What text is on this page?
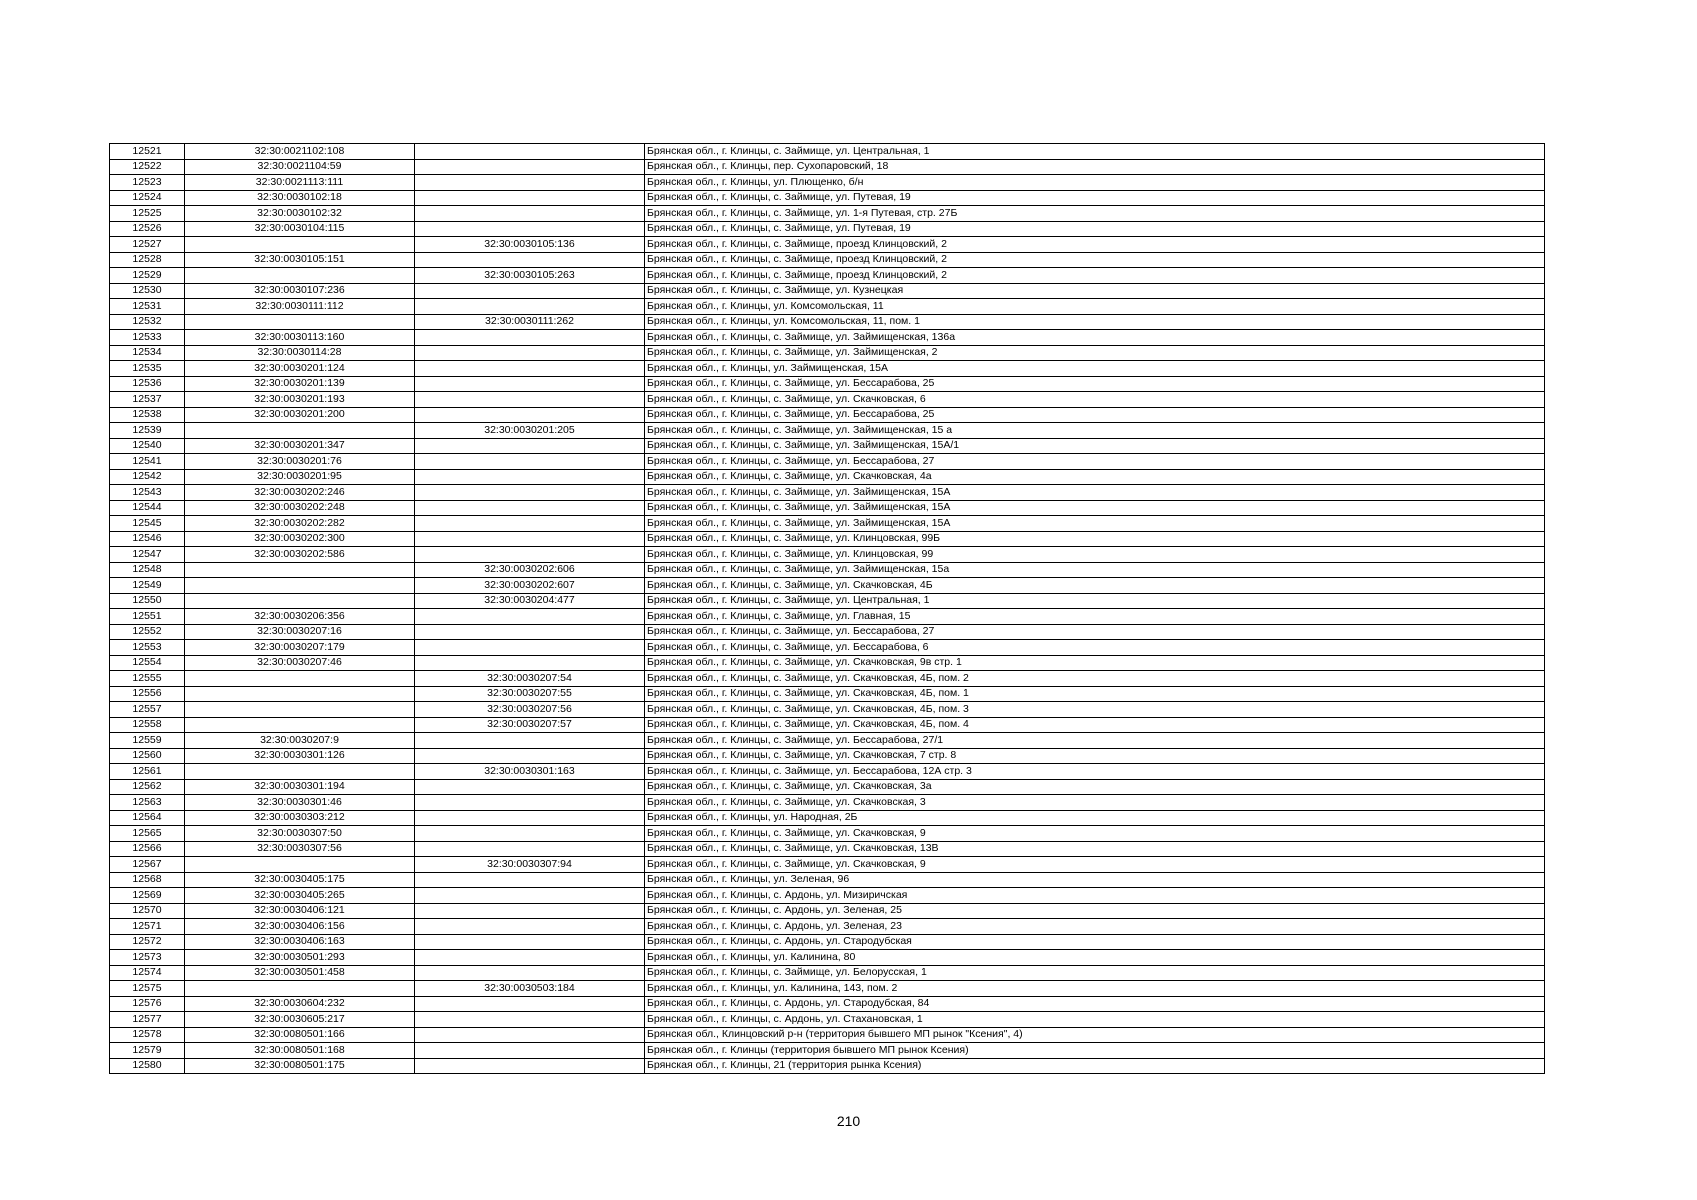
12521	32:30:0021102:108		Брянская обл., г. Клинцы, с. Займище, ул. Центральная, 1
12522	32:30:0021104:59		Брянская обл., г. Клинцы, пер. Сухопаровский, 18
12523	32:30:0021113:111		Брянская обл., г. Клинцы, ул. Плющенко, б/н
12524	32:30:0030102:18		Брянская обл., г. Клинцы, с. Займище, ул. Путевая, 19
12525	32:30:0030102:32		Брянская обл., г. Клинцы, с. Займище, ул. 1-я Путевая, стр. 27Б
12526	32:30:0030104:115		Брянская обл., г. Клинцы, с. Займище, ул. Путевая, 19
12527		32:30:0030105:136	Брянская обл., г. Клинцы, с. Займище, проезд Клинцовский, 2
12528	32:30:0030105:151		Брянская обл., г. Клинцы, с. Займище, проезд Клинцовский, 2
12529		32:30:0030105:263	Брянская обл., г. Клинцы, с. Займище, проезд Клинцовский, 2
12530	32:30:0030107:236		Брянская обл., г. Клинцы, с. Займище, ул. Кузнецкая
12531	32:30:0030111:112		Брянская обл., г. Клинцы, ул. Комсомольская, 11
12532		32:30:0030111:262	Брянская обл., г. Клинцы, ул. Комсомольская, 11, пом. 1
12533	32:30:0030113:160		Брянская обл., г. Клинцы, с. Займище, ул. Займищенская, 136а
12534	32:30:0030114:28		Брянская обл., г. Клинцы, с. Займище, ул. Займищенская, 2
12535	32:30:0030201:124		Брянская обл., г. Клинцы, ул. Займищенская, 15А
12536	32:30:0030201:139		Брянская обл., г. Клинцы, с. Займище, ул. Бессарабова, 25
12537	32:30:0030201:193		Брянская обл., г. Клинцы, с. Займище, ул. Скачковская, 6
12538	32:30:0030201:200		Брянская обл., г. Клинцы, с. Займище, ул. Бессарабова, 25
12539		32:30:0030201:205	Брянская обл., г. Клинцы, с. Займище, ул. Займищенская, 15 а
12540	32:30:0030201:347		Брянская обл., г. Клинцы, с. Займище, ул. Займищенская, 15А/1
12541	32:30:0030201:76		Брянская обл., г. Клинцы, с. Займище, ул. Бессарабова, 27
12542	32:30:0030201:95		Брянская обл., г. Клинцы, с. Займище, ул. Скачковская, 4а
12543	32:30:0030202:246		Брянская обл., г. Клинцы, с. Займище, ул. Займищенская, 15А
12544	32:30:0030202:248		Брянская обл., г. Клинцы, с. Займище, ул. Займищенская, 15А
12545	32:30:0030202:282		Брянская обл., г. Клинцы, с. Займище, ул. Займищенская, 15А
12546	32:30:0030202:300		Брянская обл., г. Клинцы, с. Займище, ул. Клинцовская, 99Б
12547	32:30:0030202:586		Брянская обл., г. Клинцы, с. Займище, ул. Клинцовская, 99
12548		32:30:0030202:606	Брянская обл., г. Клинцы, с. Займище, ул. Займищенская, 15а
12549		32:30:0030202:607	Брянская обл., г. Клинцы, с. Займище, ул. Скачковская, 4Б
12550		32:30:0030204:477	Брянская обл., г. Клинцы, с. Займище, ул. Центральная, 1
12551	32:30:0030206:356		Брянская обл., г. Клинцы, с. Займище, ул. Главная, 15
12552	32:30:0030207:16		Брянская обл., г. Клинцы, с. Займище, ул. Бессарабова, 27
12553	32:30:0030207:179		Брянская обл., г. Клинцы, с. Займище, ул. Бессарабова, 6
12554	32:30:0030207:46		Брянская обл., г. Клинцы, с. Займище, ул. Скачковская, 9в стр. 1
12555		32:30:0030207:54	Брянская обл., г. Клинцы, с. Займище, ул. Скачковская, 4Б, пом. 2
12556		32:30:0030207:55	Брянская обл., г. Клинцы, с. Займище, ул. Скачковская, 4Б, пом. 1
12557		32:30:0030207:56	Брянская обл., г. Клинцы, с. Займище, ул. Скачковская, 4Б, пом. 3
12558		32:30:0030207:57	Брянская обл., г. Клинцы, с. Займище, ул. Скачковская, 4Б, пом. 4
12559	32:30:0030207:9		Брянская обл., г. Клинцы, с. Займище, ул. Бессарабова, 27/1
12560	32:30:0030301:126		Брянская обл., г. Клинцы, с. Займище, ул. Скачковская, 7 стр. 8
12561		32:30:0030301:163	Брянская обл., г. Клинцы, с. Займище, ул. Бессарабова, 12А стр. 3
12562	32:30:0030301:194		Брянская обл., г. Клинцы, с. Займище, ул. Скачковская, 3а
12563	32:30:0030301:46		Брянская обл., г. Клинцы, с. Займище, ул. Скачковская, 3
12564	32:30:0030303:212		Брянская обл., г. Клинцы, ул. Народная, 2Б
12565	32:30:0030307:50		Брянская обл., г. Клинцы, с. Займище, ул. Скачковская, 9
12566	32:30:0030307:56		Брянская обл., г. Клинцы, с. Займище, ул. Скачковская, 13В
12567		32:30:0030307:94	Брянская обл., г. Клинцы, с. Займище, ул. Скачковская, 9
12568	32:30:0030405:175		Брянская обл., г. Клинцы, ул. Зеленая, 96
12569	32:30:0030405:265		Брянская обл., г. Клинцы, с. Ардонь, ул. Мизиричская
12570	32:30:0030406:121		Брянская обл., г. Клинцы, с. Ардонь, ул. Зеленая, 25
12571	32:30:0030406:156		Брянская обл., г. Клинцы, с. Ардонь, ул. Зеленая, 23
12572	32:30:0030406:163		Брянская обл., г. Клинцы, с. Ардонь, ул. Стародубская
12573	32:30:0030501:293		Брянская обл., г. Клинцы, ул. Калинина, 80
12574	32:30:0030501:458		Брянская обл., г. Клинцы, с. Займище, ул. Белорусская, 1
12575		32:30:0030503:184	Брянская обл., г. Клинцы, ул. Калинина, 143, пом. 2
12576	32:30:0030604:232		Брянская обл., г. Клинцы, с. Ардонь, ул. Стародубская, 84
12577	32:30:0030605:217		Брянская обл., г. Клинцы, с. Ардонь, ул. Стахановская, 1
12578	32:30:0080501:166		Брянская обл., Клинцовский р-н (территория бывшего МП рынок "Ксения", 4)
12579	32:30:0080501:168		Брянская обл., г. Клинцы (территория бывшего МП рынок Ксения)
12580	32:30:0080501:175		Брянская обл., г. Клинцы, 21 (территория рынка Ксения)
210
